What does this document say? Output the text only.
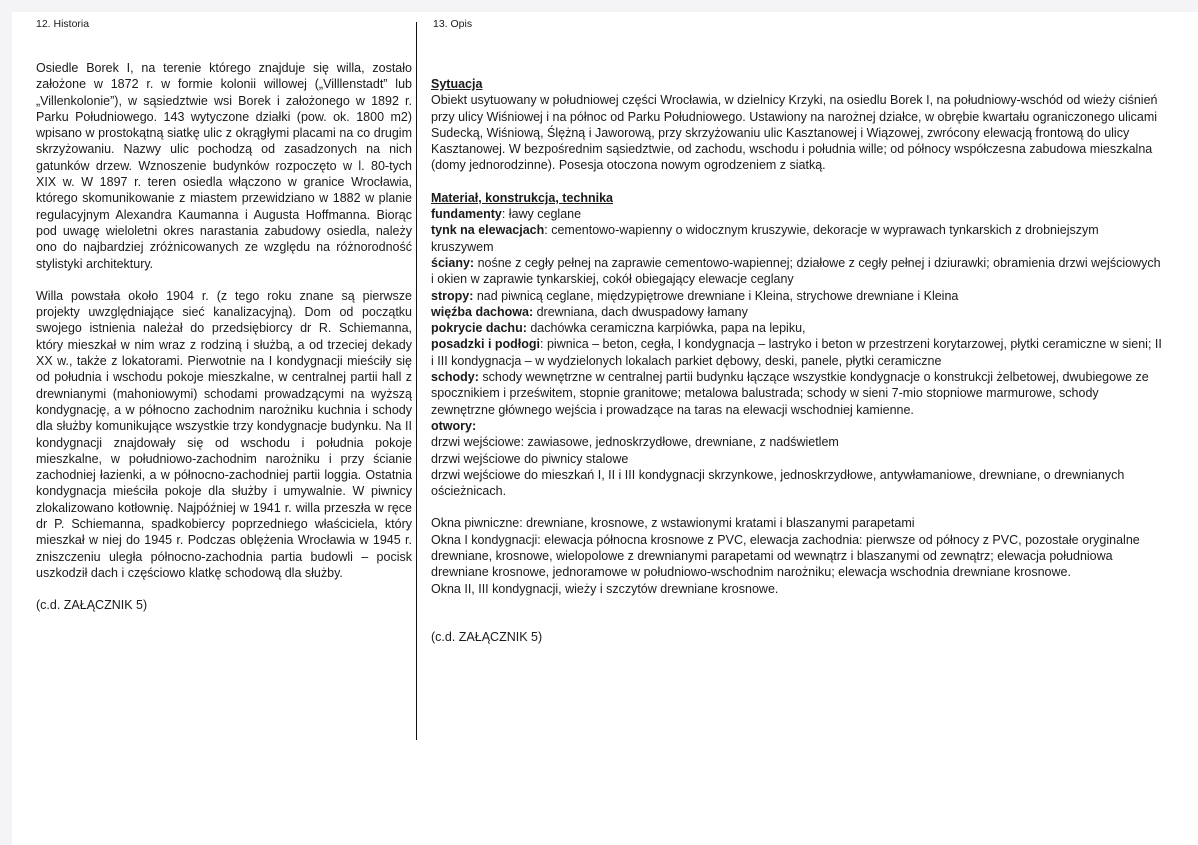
12. Historia	13. Opis

Osiedle Borek I, na terenie którego znajduje się willa, zostało założone w 1872 r. w formie kolonii willowej („Villlenstadt” lub „Villenkolonie”), w sąsiedztwie wsi Borek i założonego w 1892 r. Parku Południowego. 143 wytyczone działki (pow. ok. 1800 m2) wpisano w prostokątną siatkę ulic z okrągłymi placami na co drugim skrzyżowaniu. Nazwy ulic pochodzą od zasadzonych na nich gatunków drzew. Wznoszenie budynków rozpoczęto w l. 80-tych XIX w. W 1897 r. teren osiedla włączono w granice Wrocławia, którego skomunikowanie z miastem przewidziano w 1882 w planie regulacyjnym Alexandra Kaumanna i Augusta Hoffmanna. Biorąc pod uwagę wieloletni okres narastania zabudowy osiedla, należy ono do najbardziej zróżnicowanych ze względu na różnorodność stylistyki architektury.

Willa powstała około 1904 r. (z tego roku znane są pierwsze projekty uwzględniające sieć kanalizacyjną). Dom od początku swojego istnienia należał do przedsiębiorcy dr R. Schiemanna, który mieszkał w nim wraz z rodziną i służbą, a od trzeciej dekady XX w., także z lokatorami. Pierwotnie na I kondygnacji mieściły się od południa i wschodu pokoje mieszkalne, w centralnej partii hall z drewnianymi (mahoniowymi) schodami prowadzącymi na wyższą kondygnację, a w północno zachodnim narożniku kuchnia i schody dla służby komunikujące wszystkie trzy kondygnacje budynku. Na II kondygnacji znajdowały się od wschodu i południa pokoje mieszkalne, w południowo-zachodnim narożniku i przy ścianie zachodniej łazienki, a w północno-zachodniej partii loggia. Ostatnia kondygnacja mieściła pokoje dla służby i umywalnie. W piwnicy zlokalizowano kotłownię. Najpóźniej w 1941 r. willa przeszła w ręce dr P. Schiemanna, spadkobiercy poprzedniego właściciela, który mieszkał w niej do 1945 r. Podczas oblężenia Wrocławia w 1945 r. zniszczeniu uległa północno-zachodnia partia budowli – pocisk uszkodził dach i częściowo klatkę schodową dla służby.

(c.d. ZAŁĄCZNIK 5)

Sytuacja

Obiekt usytuowany w południowej części Wrocławia, w dzielnicy Krzyki, na osiedlu Borek I, na południowy-wschód od wieży ciśnień przy ulicy Wiśniowej i na północ od Parku Południowego. Ustawiony na narożnej działce, w obrębie kwartału ograniczonego ulicami Sudecką, Wiśniową, Ślężną i Jaworową, przy skrzyżowaniu ulic Kasztanowej i Wiązowej, zwrócony elewacją frontową do ulicy Kasztanowej. W bezpośrednim sąsiedztwie, od zachodu, wschodu i południa wille; od północy współczesna zabudowa mieszkalna (domy jednorodzinne). Posesja otoczona nowym ogrodzeniem z siatką.

Materiał, konstrukcja, technika

fundamenty: ławy ceglane

tynk na elewacjach: cementowo-wapienny o widocznym kruszywie, dekoracje w wyprawach tynkarskich z drobniejszym kruszywem

ściany: nośne z cegły pełnej na zaprawie cementowo-wapiennej; działowe z cegły pełnej i dziurawki; obramienia drzwi wejściowych i okien w zaprawie tynkarskiej, cokół obiegający elewacje ceglany

stropy: nad piwnicą ceglane, międzypiętrowe drewniane i Kleina, strychowe drewniane i Kleina

więźba dachowa: drewniana, dach dwuspadowy łamany

pokrycie dachu: dachówka ceramiczna karpiówka, papa na lepiku,

posadzki i podłogi: piwnica – beton, cegła, I kondygnacja – lastryko i beton w przestrzeni korytarzowej, płytki ceramiczne w sieni; II i III kondygnacja – w wydzielonych lokalach parkiet dębowy, deski, panele, płytki ceramiczne

schody: schody wewnętrzne w centralnej partii budynku łączące wszystkie kondygnacje o konstrukcji żelbetowej, dwubiegowe ze spocznikiem i prześwitem, stopnie granitowe; metalowa balustrada; schody w sieni 7-mio stopniowe marmurowe, schody zewnętrzne głównego wejścia i prowadzące na taras na elewacji wschodniej kamienne.

otwory:

drzwi wejściowe: zawiasowe, jednoskrzydłowe, drewniane, z nadświetlem

drzwi wejściowe do piwnicy stalowe

drzwi wejściowe do mieszkań I, II i III kondygnacji skrzynkowe, jednoskrzydłowe, antywłamaniowe, drewniane, o drewnianych ościeżnicach.

Okna piwniczne: drewniane, krosnowe, z wstawionymi kratami i blaszanymi parapetami

Okna I kondygnacji: elewacja północna krosnowe z PVC, elewacja zachodnia: pierwsze od północy z PVC, pozostałe oryginalne drewniane, krosnowe, wielopolowe z drewnianymi parapetami od wewnątrz i blaszanymi od zewnątrz; elewacja południowa drewniane krosnowe, jednoramowe w południowo-wschodnim narożniku; elewacja wschodnia drewniane krosnowe.

Okna II, III kondygnacji, wieży i szczytów drewniane krosnowe.

(c.d. ZAŁĄCZNIK 5)
